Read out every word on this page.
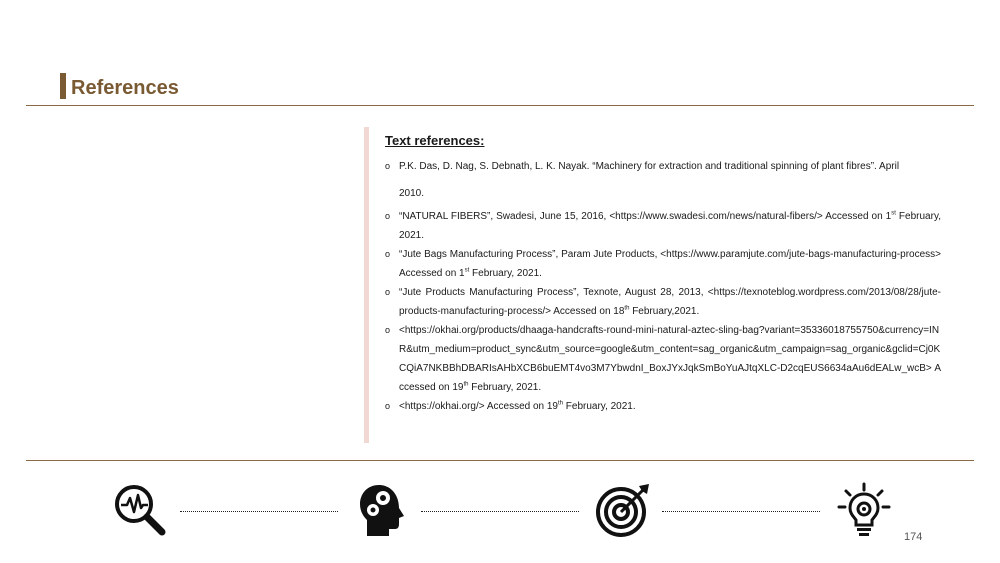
References
Text references:
o P.K. Das, D. Nag, S. Debnath, L. K. Nayak. “Machinery for extraction and traditional spinning of plant fibres”. April
2010.
o “NATURAL FIBERS”, Swadesi, June 15, 2016, <https://www.swadesi.com/news/natural-fibers/> Accessed on 1st February, 2021.
o “Jute Bags Manufacturing Process”, Param Jute Products, <https://www.paramjute.com/jute-bags-manufacturing-process> Accessed on 1st February, 2021.
o “Jute Products Manufacturing Process”, Texnote, August 28, 2013, <https://texnoteblog.wordpress.com/2013/08/28/jute-products-manufacturing-process/> Accessed on 18th February,2021.
o <https://okhai.org/products/dhaaga-handcrafts-round-mini-natural-aztec-sling-bag?variant=35336018755750&currency=INR&utm_medium=product_sync&utm_source=google&utm_content=sag_organic&utm_campaign=sag_organic&gclid=Cj0KCQiA7NKBBhDBARIsAHbXCB6buEMT4vo3M7YbwdnI_BoxJYxJqkSmBoYuAJtqXLC-D2cqEUS6634aAu6dEALw_wcB> Accessed on 19th February, 2021.
o <https://okhai.org/> Accessed on 19th February, 2021.
174
